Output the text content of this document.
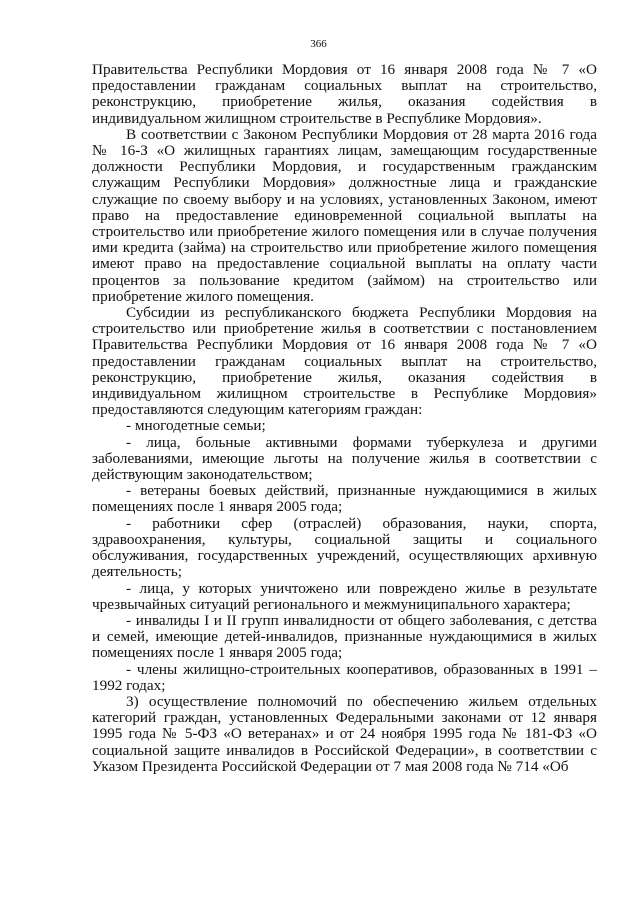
366

Правительства Республики Мордовия от 16 января 2008 года № 7 «О предоставлении гражданам социальных выплат на строительство, реконструкцию, приобретение жилья, оказания содействия в индивидуальном жилищном строительстве в Республике Мордовия».

В соответствии с Законом Республики Мордовия от 28 марта 2016 года № 16-З «О жилищных гарантиях лицам, замещающим государственные должности Республики Мордовия, и государственным гражданским служащим Республики Мордовия» должностные лица и гражданские служащие по своему выбору и на условиях, установленных Законом, имеют право на предоставление единовременной социальной выплаты на строительство или приобретение жилого помещения или в случае получения ими кредита (займа) на строительство или приобретение жилого помещения имеют право на предоставление социальной выплаты на оплату части процентов за пользование кредитом (займом) на строительство или приобретение жилого помещения.

Субсидии из республиканского бюджета Республики Мордовия на строительство или приобретение жилья в соответствии с постановлением Правительства Республики Мордовия от 16 января 2008 года № 7 «О предоставлении гражданам социальных выплат на строительство, реконструкцию, приобретение жилья, оказания содействия в индивидуальном жилищном строительстве в Республике Мордовия» предоставляются следующим категориям граждан:

- многодетные семьи;

- лица, больные активными формами туберкулеза и другими заболеваниями, имеющие льготы на получение жилья в соответствии с действующим законодательством;

- ветераны боевых действий, признанные нуждающимися в жилых помещениях после 1 января 2005 года;

- работники сфер (отраслей) образования, науки, спорта, здравоохранения, культуры, социальной защиты и социального обслуживания, государственных учреждений, осуществляющих архивную деятельность;

- лица, у которых уничтожено или повреждено жилье в результате чрезвычайных ситуаций регионального и межмуниципального характера;

- инвалиды I и II групп инвалидности от общего заболевания, с детства и семей, имеющие детей-инвалидов, признанные нуждающимися в жилых помещениях после 1 января 2005 года;

- члены жилищно-строительных кооперативов, образованных в 1991 – 1992 годах;

3) осуществление полномочий по обеспечению жильем отдельных категорий граждан, установленных Федеральными законами от 12 января 1995 года № 5-ФЗ «О ветеранах» и от 24 ноября 1995 года № 181-ФЗ «О социальной защите инвалидов в Российской Федерации», в соответствии с Указом Президента Российской Федерации от 7 мая 2008 года № 714 «Об
